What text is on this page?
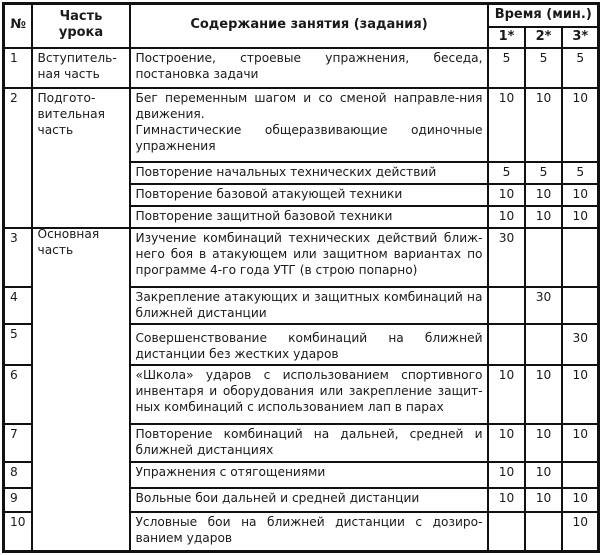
№	Часть урока	Содержание занятия (задания)	Время (мин.)		
			1*	2*	3*
1	Вступитель-ная часть	Построение, строевые упражнения, беседа, постановка задачи	5	5	5
2	Подгото-вительная часть	Бег переменным шагом и со сменой направле-ния движения.
Гимнастические общеразвивающие одиночные упражнения	10	10	10
		Повторение начальных технических действий	5	5	5
		Повторение базовой атакующей техники	10	10	10
		Повторение защитной базовой техники	10	10	10
3	Основная часть	Изучение комбинаций технических действий ближ-него боя в атакующем или защитном вариантах по программе 4-го года УТГ (в строю попарно)	30		
4		Закрепление атакующих и защитных комбинаций на ближней дистанции		30	
5		Совершенствование комбинаций на ближней дистанции без жестких ударов			30
6		«Школа» ударов с использованием спортивного инвентаря и оборудования или закрепление защит-ных комбинаций с использованием лап в парах	10	10	10
7		Повторение комбинаций на дальней, средней и ближней дистанциях	10	10	10
8		Упражнения с отягощениями	10	10	
9		Вольные бои дальней и средней дистанции	10	10	10
10		Условные бои на ближней дистанции с дозиро-ванием ударов			10
